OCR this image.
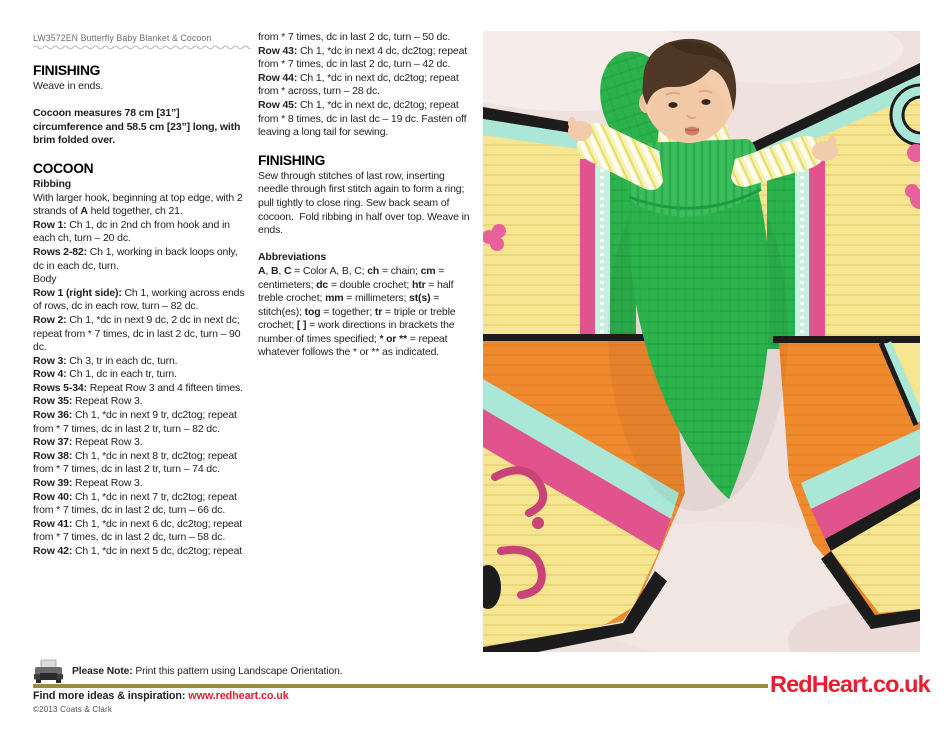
LW3572EN Butterfly Baby Blanket & Cocoon
FINISHING
Weave in ends.
Cocoon measures 78 cm [31”] circumference and 58.5 cm [23”] long, with brim folded over.
COCOON
Ribbing
With larger hook, beginning at top edge, with 2 strands of A held together, ch 21.
Row 1: Ch 1, dc in 2nd ch from hook and in each ch, turn – 20 dc.
Rows 2-82: Ch 1, working in back loops only, dc in each dc, turn.
Body
Row 1 (right side): Ch 1, working across ends of rows, dc in each row, turn – 82 dc.
Row 2: Ch 1, *dc in next 9 dc, 2 dc in next dc; repeat from * 7 times, dc in last 2 dc, turn – 90 dc.
Row 3: Ch 3, tr in each dc, turn.
Row 4: Ch 1, dc in each tr, turn.
Rows 5-34: Repeat Row 3 and 4 fifteen times.
Row 35: Repeat Row 3.
Row 36: Ch 1, *dc in next 9 tr, dc2tog; repeat from * 7 times, dc in last 2 tr, turn – 82 dc.
Row 37: Repeat Row 3.
Row 38: Ch 1, *dc in next 8 tr, dc2tog; repeat from * 7 times, dc in last 2 tr, turn – 74 dc.
Row 39: Repeat Row 3.
Row 40: Ch 1, *dc in next 7 tr, dc2tog; repeat from * 7 times, dc in last 2 dc, turn – 66 dc.
Row 41: Ch 1, *dc in next 6 dc, dc2tog; repeat from * 7 times, dc in last 2 dc, turn – 58 dc.
Row 42: Ch 1, *dc in next 5 dc, dc2tog; repeat
from * 7 times, dc in last 2 dc, turn – 50 dc.
Row 43: Ch 1, *dc in next 4 dc, dc2tog; repeat from * 7 times, dc in last 2 dc, turn – 42 dc.
Row 44: Ch 1, *dc in next dc, dc2tog; repeat from * across, turn – 28 dc.
Row 45: Ch 1, *dc in next dc, dc2tog; repeat from * 8 times, dc in last dc – 19 dc. Fasten off leaving a long tail for sewing.
FINISHING
Sew through stitches of last row, inserting needle through first stitch again to form a ring; pull tightly to close ring. Sew back seam of cocoon.  Fold ribbing in half over top. Weave in ends.
Abbreviations
A, B, C = Color A, B, C; ch = chain; cm = centimeters; dc = double crochet; htr = half treble crochet; mm = millimeters; st(s) = stitch(es); tog = together; tr = triple or treble crochet; [ ] = work directions in brackets the number of times specified; * or ** = repeat whatever follows the * or ** as indicated.
Please Note: Print this pattern using Landscape Orientation.	RedHeart.co.uk
Find more ideas & inspiration: www.redheart.co.uk
©2013 Coats & Clark
